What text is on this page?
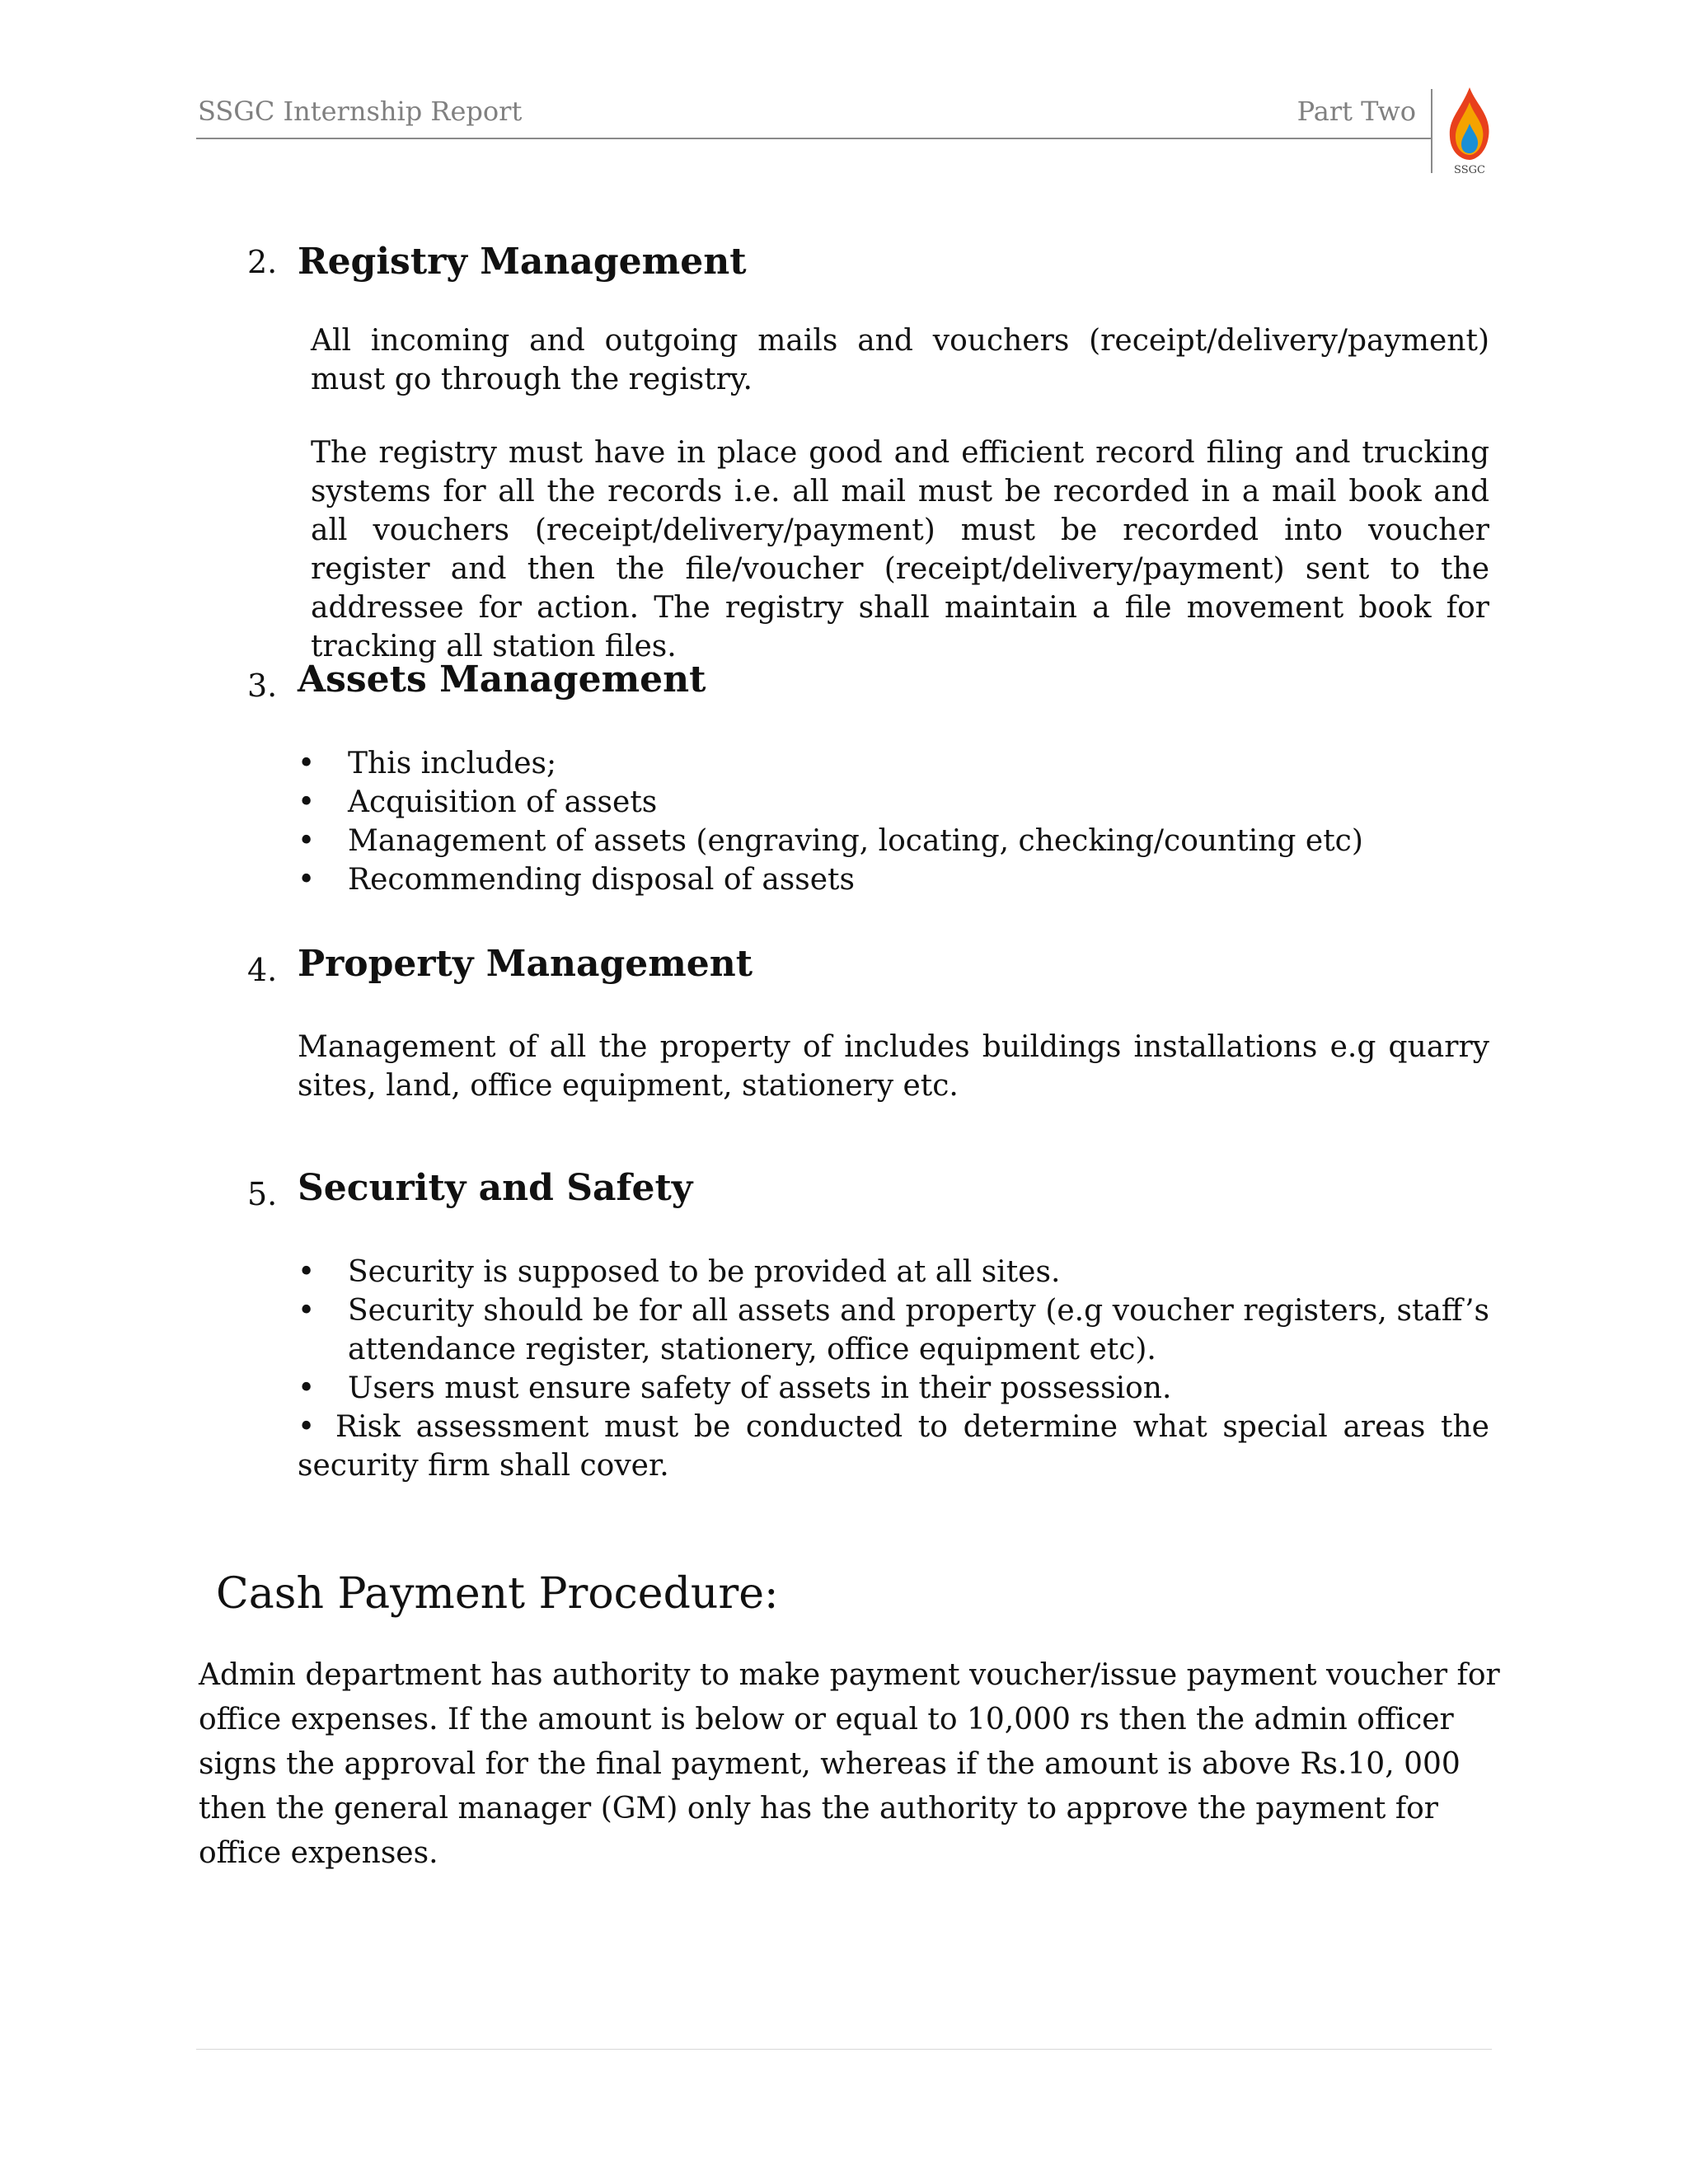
SSGC Internship Report	Part Two
SSGC
2. Registry Management

All incoming and outgoing mails and vouchers (receipt/delivery/payment) must go through the registry.

The registry must have in place good and efficient record filing and trucking systems for all the records i.e. all mail must be recorded in a mail book and all vouchers (receipt/delivery/payment) must be recorded into voucher register and then the file/voucher (receipt/delivery/payment) sent to the addressee for action. The registry shall maintain a file movement book for tracking all station files.

3. Assets Management
•	This includes;
•	Acquisition of assets
•	Management of assets (engraving, locating, checking/counting etc)
•	Recommending disposal of assets
4. Property Management

Management of all the property of includes buildings installations e.g quarry sites, land, office equipment, stationery etc.

5. Security and Safety
•	Security is supposed to be provided at all sites.
•	Security should be for all assets and property (e.g voucher registers, staff’s attendance register, stationery, office equipment etc).
•	Users must ensure safety of assets in their possession.
• Risk assessment must be conducted to determine what special areas the security firm shall cover.
Cash Payment Procedure:

Admin department has authority to make payment voucher/issue payment voucher for office expenses. If the amount is below or equal to 10,000 rs then the admin officer signs the approval for the final payment, whereas if the amount is above Rs.10, 000 then the general manager (GM) only has the authority to approve the payment for office expenses.
